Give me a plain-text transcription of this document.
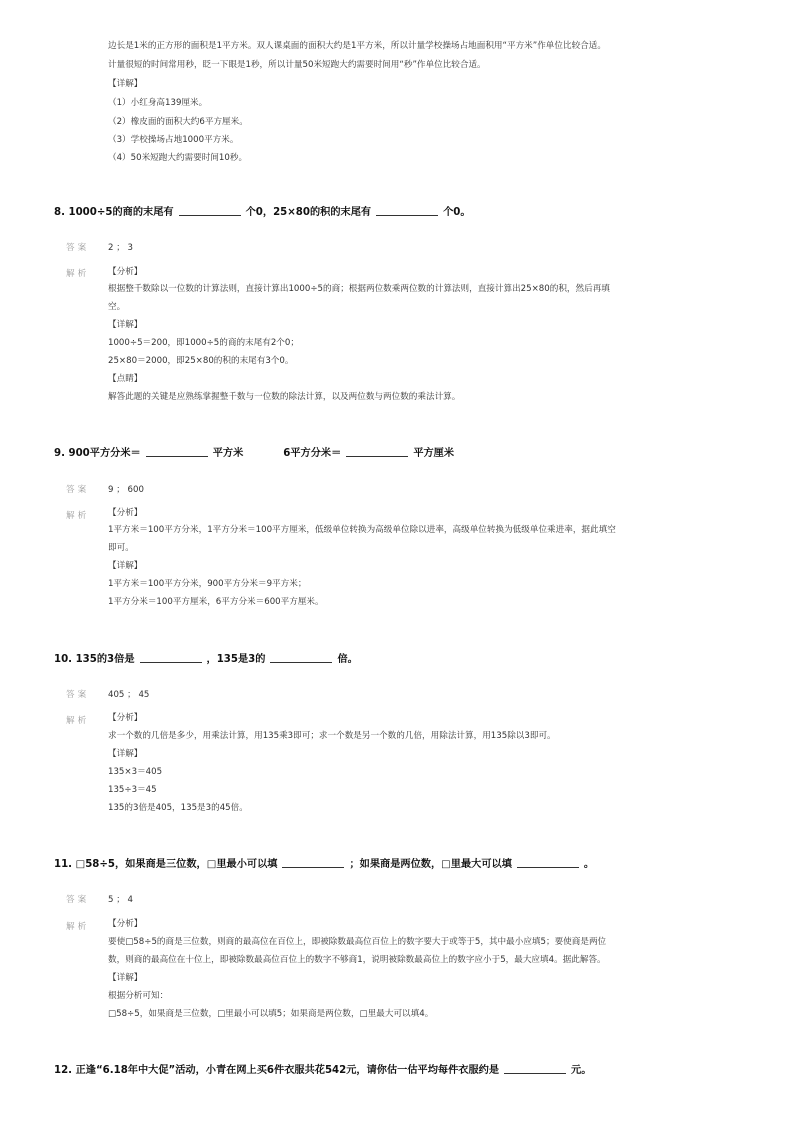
边长是1米的正方形的面积是1平方米。双人课桌面的面积大约是1平方米，所以计量学校操场占地面积用“平方米”作单位比较合适。
计量很短的时间常用秒，眨一下眼是1秒，所以计量50米短跑大约需要时间用“秒”作单位比较合适。
【详解】
（1）小红身高139厘米。
（2）橡皮面的面积大约6平方厘米。
（3）学校操场占地1000平方米。
（4）50米短跑大约需要时间10秒。
8. 1000÷5的商的末尾有	个0，25×80的积的末尾有	个0。
答案 2 ； 3
解析 【分析】
根据整千数除以一位数的计算法则，直接计算出1000÷5的商；根据两位数乘两位数的计算法则，直接计算出25×80的积，然后再填
空。
【详解】
1000÷5＝200，即1000÷5的商的末尾有2个0；
25×80＝2000，即25×80的积的末尾有3个0。
【点睛】
解答此题的关键是应熟练掌握整千数与一位数的除法计算，以及两位数与两位数的乘法计算。
9. 900平方分米＝	平方米	6平方分米＝	平方厘米
答案 9 ； 600
解析 【分析】
1平方米＝100平方分米，1平方分米＝100平方厘米，低级单位转换为高级单位除以进率，高级单位转换为低级单位乘进率，据此填空
即可。
【详解】
1平方米＝100平方分米，900平方分米＝9平方米；
1平方分米＝100平方厘米，6平方分米＝600平方厘米。
10. 135的3倍是	，135是3的	倍。
答案 405 ； 45
解析 【分析】
求一个数的几倍是多少，用乘法计算，用135乘3即可；求一个数是另一个数的几倍，用除法计算，用135除以3即可。
【详解】
135×3＝405
135÷3＝45
135的3倍是405，135是3的45倍。
11. □58÷5，如果商是三位数，□里最小可以填	；如果商是两位数，□里最大可以填	。
答案 5 ； 4
解析 【分析】
要使□58÷5的商是三位数，则商的最高位在百位上，即被除数最高位百位上的数字要大于或等于5，其中最小应填5；要使商是两位
数，则商的最高位在十位上，即被除数最高位百位上的数字不够商1，说明被除数最高位上的数字应小于5，最大应填4。据此解答。
【详解】
根据分析可知：
□58÷5，如果商是三位数，□里最小可以填5；如果商是两位数，□里最大可以填4。
12. 正逢“6.18年中大促”活动，小青在网上买6件衣服共花542元，请你估一估平均每件衣服约是	元。
